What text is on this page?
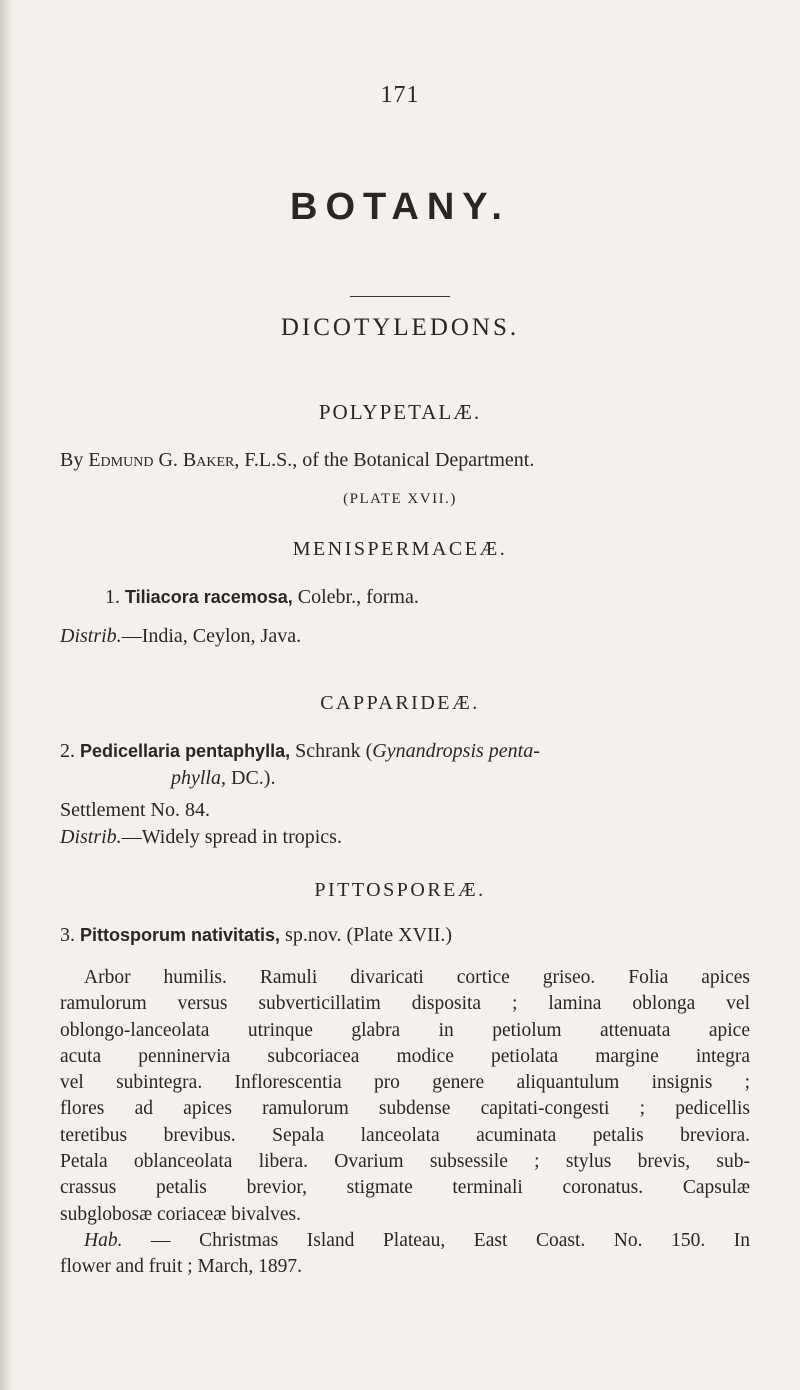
171
BOTANY.
DICOTYLEDONS.
POLYPETALÆ.
By Edmund G. Baker, F.L.S., of the Botanical Department.
(PLATE XVII.)
MENISPERMACEÆ.
1. Tiliacora racemosa, Colebr., forma.
Distrib.—India, Ceylon, Java.
CAPPARIDEÆ.
2. Pedicellaria pentaphylla, Schrank (Gynandropsis penta-
phylla, DC.).
Settlement No. 84.
Distrib.—Widely spread in tropics.
PITTOSPOREÆ.
3. Pittosporum nativitatis, sp.nov. (Plate XVII.)
Arbor humilis. Ramuli divaricati cortice griseo. Folia apices
ramulorum versus subverticillatim disposita ; lamina oblonga vel
oblongo-lanceolata utrinque glabra in petiolum attenuata apice
acuta penninervia subcoriacea modice petiolata margine integra
vel subintegra. Inflorescentia pro genere aliquantulum insignis ;
flores ad apices ramulorum subdense capitati-congesti ; pedicellis
teretibus brevibus. Sepala lanceolata acuminata petalis breviora.
Petala oblanceolata libera. Ovarium subsessile ; stylus brevis, sub-
crassus petalis brevior, stigmate terminali coronatus. Capsulæ
subglobosæ coriaceæ bivalves.
Hab. — Christmas Island Plateau, East Coast. No. 150. In
flower and fruit ; March, 1897.
